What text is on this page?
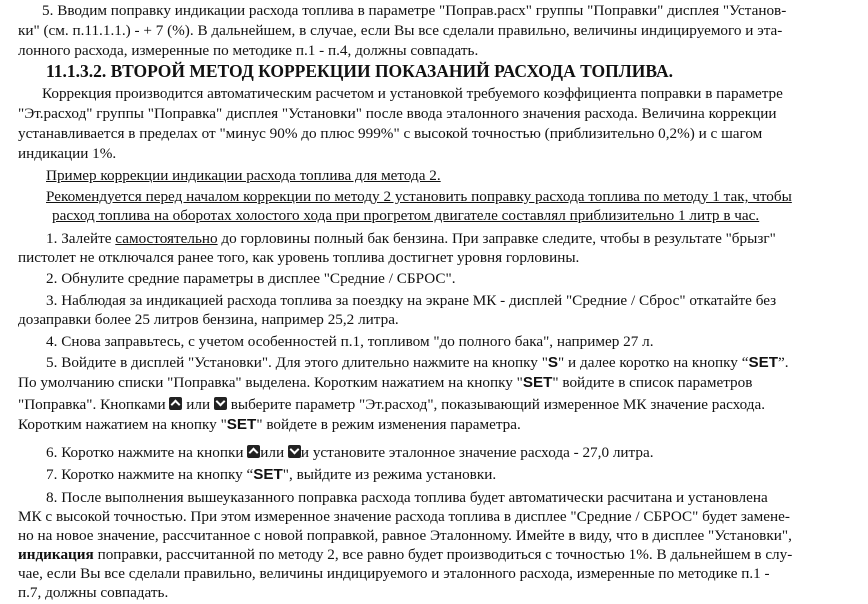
5. Вводим поправку индикации расхода топлива в параметре "Поправ.расх" группы "Поправки" дисплея "Установ-
ки" (см. п.11.1.1.) - + 7 (%). В дальнейшем, в случае, если Вы все сделали правильно, величины индицируемого и эта-
лонного расхода, измеренные по методике п.1 - п.4, должны совпадать.
11.1.3.2. ВТОРОЙ МЕТОД КОРРЕКЦИИ ПОКАЗАНИЙ РАСХОДА ТОПЛИВА.
Коррекция производится автоматическим расчетом и установкой требуемого коэффициента поправки в параметре
"Эт.расход" группы "Поправка" дисплея "Установки" после ввода эталонного значения расхода. Величина коррекции
устанавливается в пределах от "минус 90% до плюс 999%" с высокой точностью (приблизительно 0,2%) и с шагом
индикации 1%.
Пример коррекции индикации расхода топлива для метода 2.
Рекомендуется перед началом коррекции по методу 2 установить поправку расхода топлива по методу 1 так, чтобы
расход топлива на оборотах холостого хода при прогретом двигателе составлял приблизительно 1 литр в час.
1. Залейте самостоятельно до горловины полный бак бензина. При заправке следите, чтобы в результате "брызг"
пистолет не отключался ранее того, как уровень топлива достигнет уровня горловины.
2. Обнулите средние параметры в дисплее "Средние / СБРОС".
3. Наблюдая за индикацией расхода топлива за поездку на экране МК - дисплей "Средние / Сброс" откатайте без
дозаправки более 25 литров бензина, например 25,2 литра.
4. Снова заправьтесь, с учетом особенностей п.1, топливом "до полного бака", например 27 л.
5. Войдите в дисплей "Установки". Для этого длительно нажмите на кнопку "S" и далее коротко на кнопку “SET”.
По умолчанию списки "Поправка" выделена. Коротким нажатием на кнопку "SET" войдите в список параметров
"Поправка". Кнопками  или  выберите параметр "Эт.расход", показывающий измеренное МК значение расхода.
Коротким нажатием на кнопку "SET" войдете в режим изменения параметра.
6. Коротко нажмите на кнопки или и установите эталонное значение расхода - 27,0 литра.
7. Коротко нажмите на кнопку “SET", выйдите из режима установки.
8. После выполнения вышеуказанного поправка расхода топлива будет автоматически расчитана и установлена
МК с высокой точностью. При этом измеренное значение расхода топлива в дисплее "Средние / СБРОС" будет замене-
но на новое значение, рассчитанное с новой поправкой, равное Эталонному. Имейте в виду, что в дисплее "Установки",
индикация поправки, рассчитанной по методу 2, все равно будет производиться с точностью 1%. В дальнейшем в слу-
чае, если Вы все сделали правильно, величины индицируемого и эталонного расхода, измеренные по методике п.1 -
п.7, должны совпадать.
